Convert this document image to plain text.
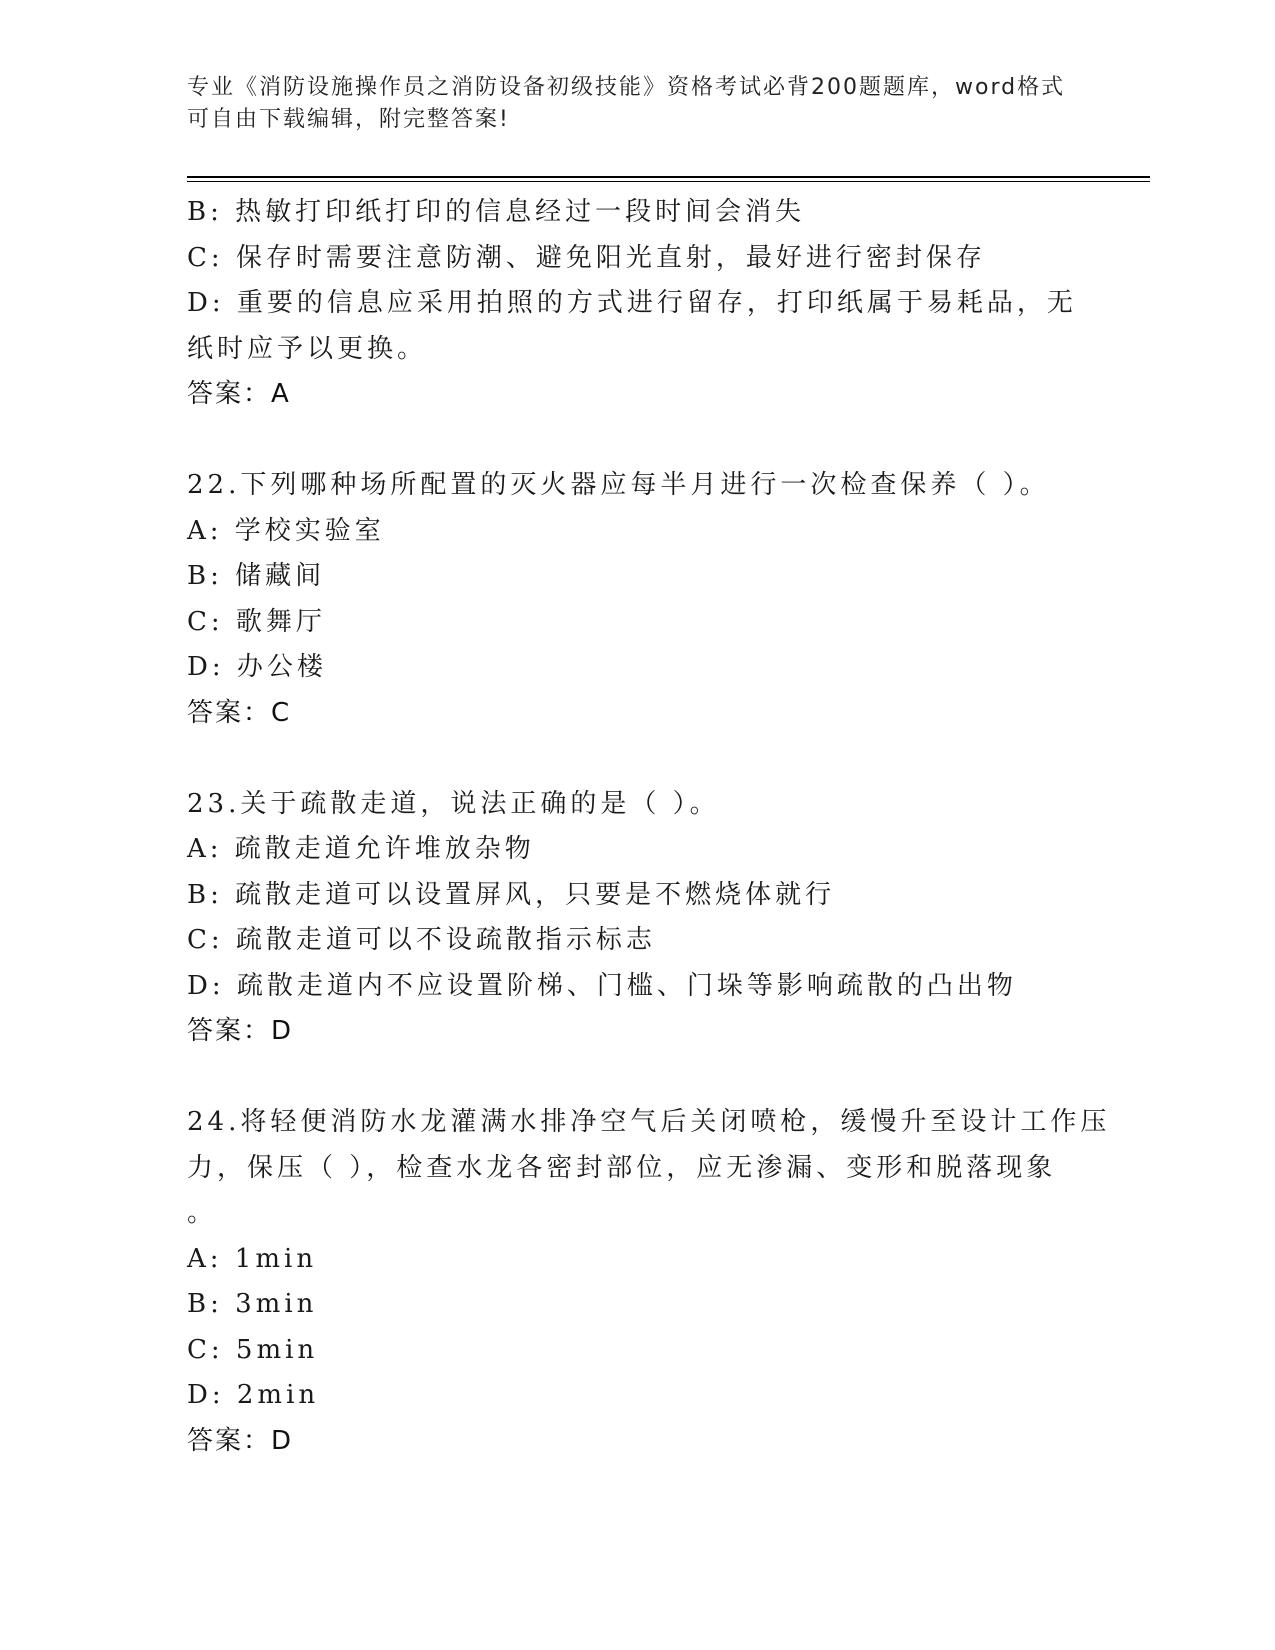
专业《消防设施操作员之消防设备初级技能》资格考试必背200题题库，word格式可自由下载编辑，附完整答案!
B: 热敏打印纸打印的信息经过一段时间会消失
C: 保存时需要注意防潮、避免阳光直射，最好进行密封保存
D: 重要的信息应采用拍照的方式进行留存，打印纸属于易耗品，无纸时应予以更换。
答案：A
22.下列哪种场所配置的灭火器应每半月进行一次检查保养（ ）。
A: 学校实验室
B: 储藏间
C: 歌舞厅
D: 办公楼
答案：C
23.关于疏散走道，说法正确的是（ ）。
A: 疏散走道允许堆放杂物
B: 疏散走道可以设置屏风，只要是不燃烧体就行
C: 疏散走道可以不设疏散指示标志
D: 疏散走道内不应设置阶梯、门槛、门垛等影响疏散的凸出物
答案：D
24.将轻便消防水龙灌满水排净空气后关闭喷枪，缓慢升至设计工作压
力，保压（ ），检查水龙各密封部位，应无渗漏、变形和脱落现象
。
A: 1min
B: 3min
C: 5min
D: 2min
答案：D
